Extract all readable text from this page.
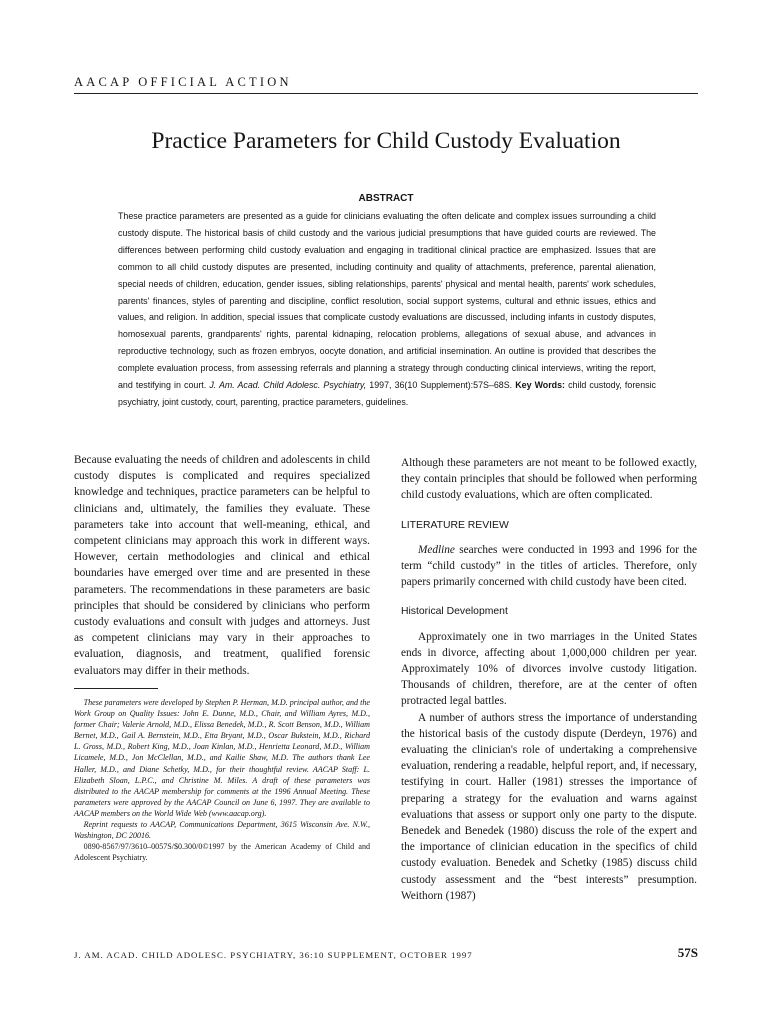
AACAP OFFICIAL ACTION
Practice Parameters for Child Custody Evaluation
ABSTRACT

These practice parameters are presented as a guide for clinicians evaluating the often delicate and complex issues surrounding a child custody dispute. The historical basis of child custody and the various judicial presumptions that have guided courts are reviewed. The differences between performing child custody evaluation and engaging in traditional clinical practice are emphasized. Issues that are common to all child custody disputes are presented, including continuity and quality of attachments, preference, parental alienation, special needs of children, education, gender issues, sibling relationships, parents' physical and mental health, parents' work schedules, parents' finances, styles of parenting and discipline, conflict resolution, social support systems, cultural and ethnic issues, ethics and values, and religion. In addition, special issues that complicate custody evaluations are discussed, including infants in custody disputes, homosexual parents, grandparents' rights, parental kidnaping, relocation problems, allegations of sexual abuse, and advances in reproductive technology, such as frozen embryos, oocyte donation, and artificial insemination. An outline is provided that describes the complete evaluation process, from assessing referrals and planning a strategy through conducting clinical interviews, writing the report, and testifying in court. J. Am. Acad. Child Adolesc. Psychiatry, 1997, 36(10 Supplement):57S–68S. Key Words: child custody, forensic psychiatry, joint custody, court, parenting, practice parameters, guidelines.

Because evaluating the needs of children and adolescents in child custody disputes is complicated and requires specialized knowledge and techniques, practice parameters can be helpful to clinicians and, ultimately, the families they evaluate. These parameters take into account that well-meaning, ethical, and competent clinicians may approach this work in different ways. However, certain methodologies and clinical and ethical boundaries have emerged over time and are presented in these parameters. The recommendations in these parameters are basic principles that should be considered by clinicians who perform custody evaluations and consult with judges and attorneys. Just as competent clinicians may vary in their approaches to evaluation, diagnosis, and treatment, qualified forensic evaluators may differ in their methods.

These parameters were developed by Stephen P. Herman, M.D. principal author, and the Work Group on Quality Issues: John E. Dunne, M.D., Chair, and William Ayres, M.D., former Chair; Valerie Arnold, M.D., Elissa Benedek, M.D., R. Scott Benson, M.D., William Bernet, M.D., Gail A. Bernstein, M.D., Etta Bryant, M.D., Oscar Bukstein, M.D., Richard L. Gross, M.D., Robert King, M.D., Joan Kinlan, M.D., Henrietta Leonard, M.D., William Licamele, M.D., Jon McClellan, M.D., and Kailie Shaw, M.D. The authors thank Lee Haller, M.D., and Diane Schetky, M.D., for their thoughtful review. AACAP Staff: L. Elizabeth Sloan, L.P.C., and Christine M. Miles. A draft of these parameters was distributed to the AACAP membership for comments at the 1996 Annual Meeting. These parameters were approved by the AACAP Council on June 6, 1997. They are available to AACAP members on the World Wide Web (www.aacap.org).

Reprint requests to AACAP, Communications Department, 3615 Wisconsin Ave. N.W., Washington, DC 20016.

0890-8567/97/3610–0057S/$0.300/0©1997 by the American Academy of Child and Adolescent Psychiatry.

Although these parameters are not meant to be followed exactly, they contain principles that should be followed when performing child custody evaluations, which are often complicated.

LITERATURE REVIEW

Medline searches were conducted in 1993 and 1996 for the term “child custody” in the titles of articles. Therefore, only papers primarily concerned with child custody have been cited.

Historical Development

Approximately one in two marriages in the United States ends in divorce, affecting about 1,000,000 children per year. Approximately 10% of divorces involve custody litigation. Thousands of children, therefore, are at the center of often protracted legal battles.

A number of authors stress the importance of understanding the historical basis of the custody dispute (Derdeyn, 1976) and evaluating the clinician's role of undertaking a comprehensive evaluation, rendering a readable, helpful report, and, if necessary, testifying in court. Haller (1981) stresses the importance of preparing a strategy for the evaluation and warns against evaluations that assess or support only one party to the dispute. Benedek and Benedek (1980) discuss the role of the expert and the importance of clinician education in the specifics of child custody evaluation. Benedek and Schetky (1985) discuss child custody assessment and the “best interests” presumption. Weithorn (1987)

J. AM. ACAD. CHILD ADOLESC. PSYCHIATRY, 36:10 SUPPLEMENT, OCTOBER 1997	57S
